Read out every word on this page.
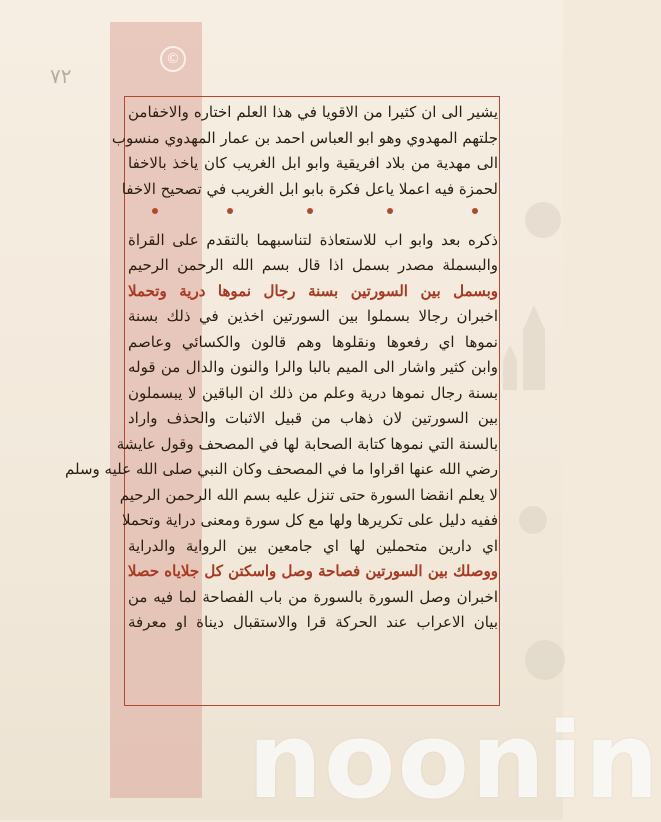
©
٧٢
يشير الى ان كثيرا من الاقويا في هذا العلم اختاره والاخفامن
جلتهم المهدوي وهو ابو العباس احمد بن عمار المهدوي منسوب
الى مهدية من بلاد افريقية وابو ابل الغريب كان ياخذ بالاخفا
لحمزة فيه اعملا ياعل فكرة بابو ابل الغريب في تصحيح الاخفا
ذكره بعد وابو اب للاستعاذة لتناسبهما بالتقدم على القراة
والبسملة مصدر بسمل اذا قال بسم الله الرحمن الرحيم
وبسمل بين السورتين بسنة رجال نموها درية وتحملا
اخبران رجالا بسملوا بين السورتين اخذين في ذلك بسنة
نموها اي رفعوها ونقلوها وهم قالون والكسائي وعاصم
وابن كثير واشار الى الميم بالبا والرا والنون والدال من قوله
بسنة رجال نموها درية وعلم من ذلك ان الباقين لا يبسملون
بين السورتين لان ذهاب من قبيل الاثبات والحذف واراد
بالسنة التي نموها كتابة الصحابة لها في المصحف وقول عايشة
رضي الله عنها اقراوا ما في المصحف وكان النبي صلى الله عليه وسلم
لا يعلم انقضا السورة حتى تنزل عليه بسم الله الرحمن الرحيم
ففيه دليل على تكريرها ولها مع كل سورة ومعنى دراية وتحملا
اي دارين متحملين لها اي جامعين بين الرواية والدراية
ووصلك بين السورتين فصاحة وصل واسكتن كل جلاياه حصلا
اخبران وصل السورة بالسورة من باب الفصاحة لما فيه من
بيان الاعراب عند الحركة قرا والاستقبال ديناة او معرفة
noonin
